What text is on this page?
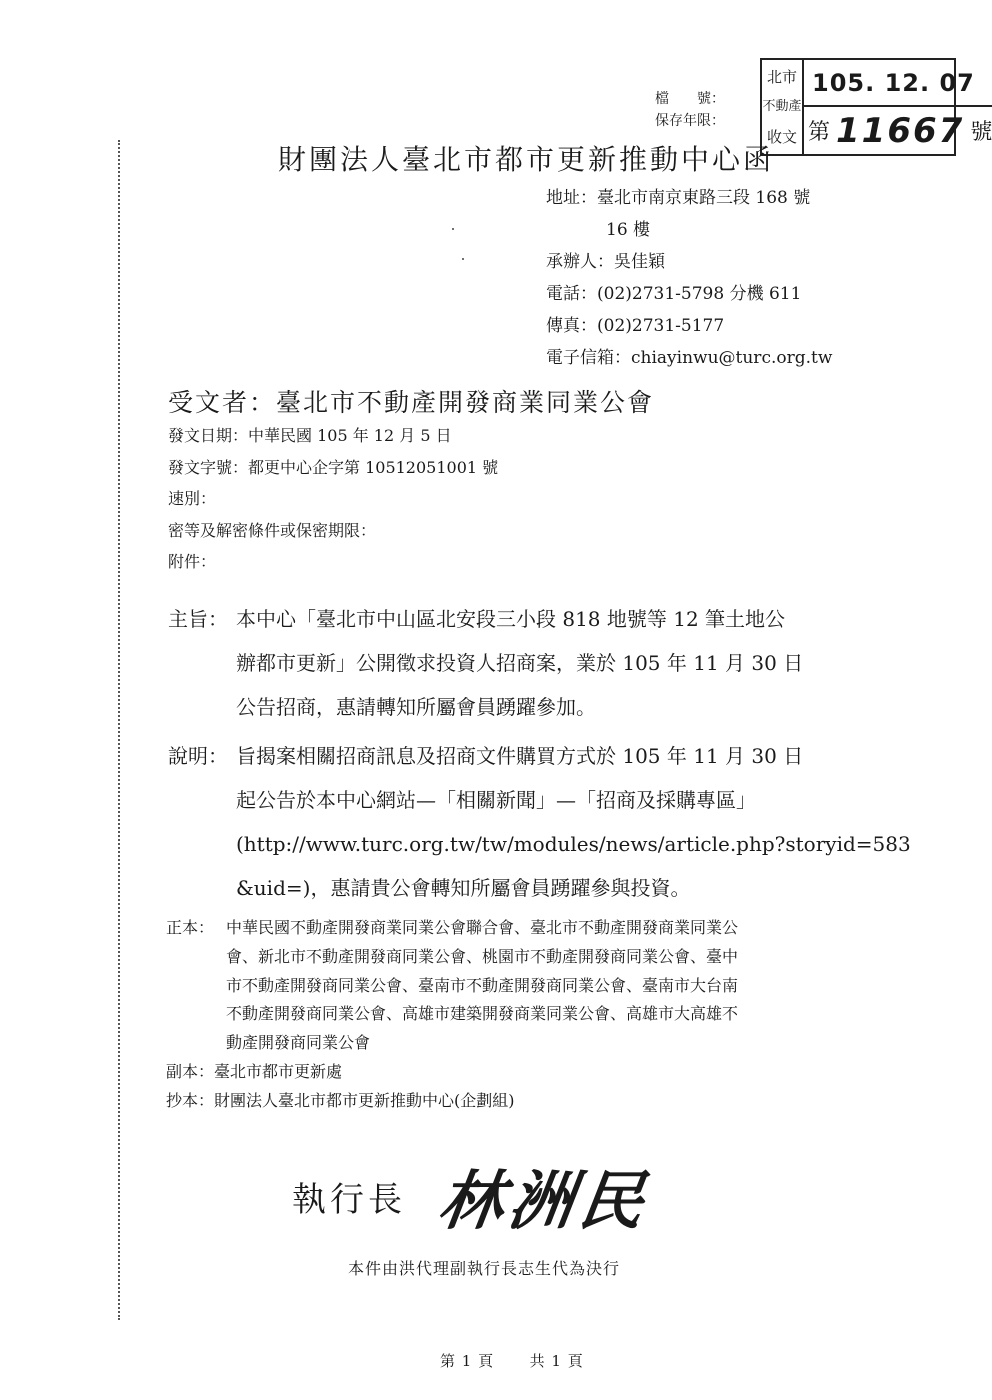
檔　　號：
保存年限：
北市
不動產
收文
105. 12. 07
第 11667 號
財團法人臺北市都市更新推動中心函
地址：臺北市南京東路三段 168 號
16 樓
承辦人：吳佳穎
電話：(02)2731-5798 分機 611
傳真：(02)2731-5177
電子信箱：chiayinwu@turc.org.tw
受文者：臺北市不動產開發商業同業公會
發文日期：中華民國 105 年 12 月 5 日
發文字號：都更中心企字第 10512051001 號
速別：
密等及解密條件或保密期限：
附件：
主旨： 本中心「臺北市中山區北安段三小段 818 地號等 12 筆土地公
辦都市更新」公開徵求投資人招商案，業於 105 年 11 月 30 日
公告招商，惠請轉知所屬會員踴躍參加。
說明： 旨揭案相關招商訊息及招商文件購買方式於 105 年 11 月 30 日
起公告於本中心網站—「相關新聞」—「招商及採購專區」
(http://www.turc.org.tw/tw/modules/news/article.php?storyid=583
&uid=)，惠請貴公會轉知所屬會員踴躍參與投資。
正本： 中華民國不動產開發商業同業公會聯合會、臺北市不動產開發商業同業公
會、新北市不動產開發商同業公會、桃園市不動產開發商同業公會、臺中
市不動產開發商同業公會、臺南市不動產開發商同業公會、臺南市大台南
不動產開發商同業公會、高雄市建築開發商業同業公會、高雄市大高雄不
動產開發商同業公會
副本：臺北市都市更新處
抄本：財團法人臺北市都市更新推動中心(企劃組)
執行長 林洲民
本件由洪代理副執行長志生代為決行
第 1 頁 共 1 頁
